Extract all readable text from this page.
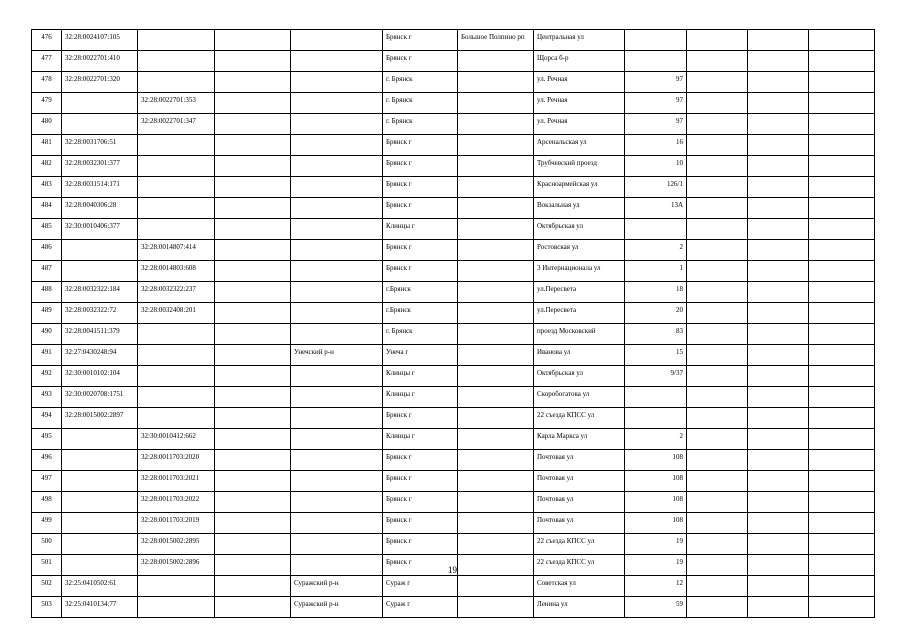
476	32:28:0024107:105				Брянск г	Большое Полпино рп	Центральная ул				
477	32:28:0022701:410				Брянск г		Щорса б-р				
478	32:28:0022701:320				г. Брянск		ул. Речная	97			
479		32:28:0022701:353			г. Брянск		ул. Речная	97			
480		32:28:0022701:347			г. Брянск		ул. Речная	97			
481	32:28:0031706:51				Брянск г		Арсенальская ул	16			
482	32:28:0032301:377				Брянск г		Трубчевский проезд	10			
483	32:28:0031514:171				Брянск г		Красноармейская ул	126/1			
484	32:28:0040306:28				Брянск г		Вокзальная ул	13А			
485	32:30:0010406:377				Клинцы г		Октябрьская ул				
486		32:28:0014807:414			Брянск г		Ростовская ул	2			
487		32:28:0014803:608			Брянск г		3 Интернационала ул	1			
488	32:28:0032322:184	32:28:0032322:237			г.Брянск		ул.Пересвета	18			
489	32:28:0032322:72	32:28:0032408:201			г.Брянск		ул.Пересвета	20			
490	32:28:0041511:379				г. Брянск		проезд Московский	83			
491	32:27:0430248:94			Унечский р-н	Унеча г		Иванова ул	15			
492	32:30:0010102:104				Клинцы г		Октябрьская ул	9/37			
493	32:30:0020708:1751				Клинцы г		Скоробогатова ул				
494	32:28:0015002:2897				Брянск г		22 съезда КПСС ул				
495		32:30:0010412:662			Клинцы г		Карла Маркса ул	2			
496		32:28:0011703:2020			Брянск г		Почтовая ул	108			
497		32:28:0011703:2021			Брянск г		Почтовая ул	108			
498		32:28:0011703:2022			Брянск г		Почтовая ул	108			
499		32:28:0011703:2019			Брянск г		Почтовая ул	108			
500		32:28:0015002:2895			Брянск г		22 съезда КПСС ул	19			
501		32:28:0015002:2896			Брянск г		22 съезда КПСС ул	19			
502	32:25:0410502:61			Суражский р-н	Сураж г		Советская ул	12			
503	32:25:0410134:77			Суражский р-н	Сураж г		Ленина ул	59			
19
